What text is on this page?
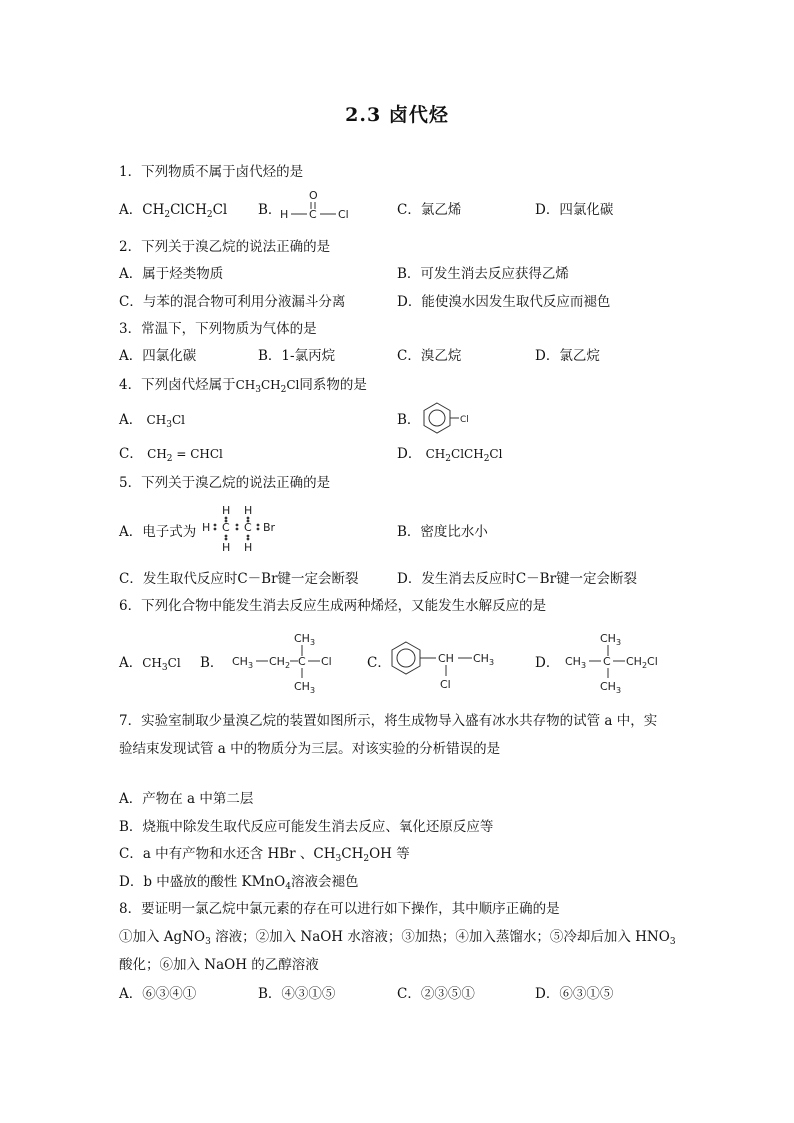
2.3 卤代烃
1．下列物质不属于卤代烃的是
A．$CH_2ClCH_2Cl$ B．
O
H C Cl	C．氯乙烯	D．四氯化碳
2．下列关于溴乙烷的说法正确的是
A．属于烃类物质	B．可发生消去反应获得乙烯
C．与苯的混合物可利用分液漏斗分离	D．能使溴水因发生取代反应而褪色
3．常温下，下列物质为气体的是
A．四氯化碳	B．1-氯丙烷	C．溴乙烷	D．氯乙烷
4．下列卤代烃属于$CH_3CH_2Cl$同系物的是
A． $CH_3Cl$	B．	Cl
C． $CH_2$ = CHCl	D． $CH_2ClCH_2Cl$
5．下列关于溴乙烷的说法正确的是
A．电子式为
H H
H C C Br
H H
B．密度比水小
C．发生取代反应时C－Br键一定会断裂	D．发生消去反应时C－Br键一定会断裂
6．下列化合物中能发生消去反应生成两种烯烃，又能发生水解反应的是
A．$CH_3Cl$ B．
$CH_3$
$CH_3$ $CH_2$ C Cl
$CH_3$
C．	CH $CH_3$
Cl
D．
$CH_3$
$CH_3$ C $CH_2Cl$
$CH_3$
7．实验室制取少量溴乙烷的装置如图所示，将生成物导入盛有冰水共存物的试管 a 中，实
验结束发现试管 a 中的物质分为三层。对该实验的分析错误的是
A．产物在 a 中第二层
B．烧瓶中除发生取代反应可能发生消去反应、氧化还原反应等
C．a 中有产物和水还含 HBr 、$CH_3CH_2OH$ 等
D．b 中盛放的酸性 KMnO$_4$溶液会褪色
8．要证明一氯乙烷中氯元素的存在可以进行如下操作，其中顺序正确的是
①加入 AgNO$_3$ 溶液；②加入 NaOH 水溶液；③加热；④加入蒸馏水；⑤冷却后加入 $HNO_3$
酸化；⑥加入 NaOH 的乙醇溶液
A．⑥③④①	B．④③①⑤	C．②③⑤①	D．⑥③①⑤
